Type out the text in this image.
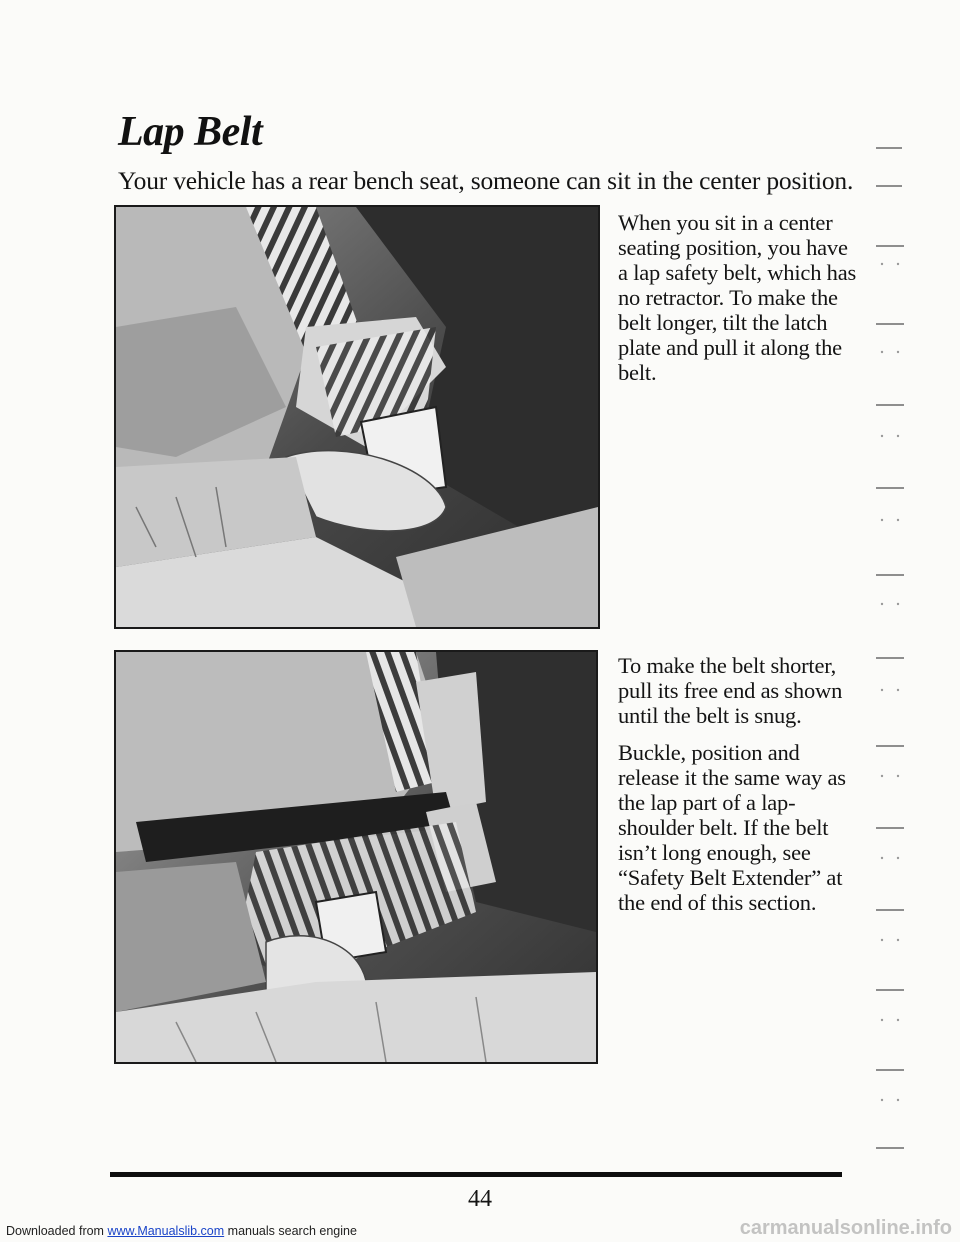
Lap Belt
Your vehicle has a rear bench seat, someone can sit in the center position.

When you sit in a center seating position, you have a lap safety belt, which has no retractor. To make the belt longer, tilt the latch plate and pull it along the belt.

To make the belt shorter, pull its free end as shown until the belt is snug.

Buckle, position and release it the same way as the lap part of a lap-shoulder belt. If the belt isn’t long enough, see “Safety Belt Extender” at the end of this section.

44
Downloaded from www.Manualslib.com manuals search engine	carmanualsonline.info
